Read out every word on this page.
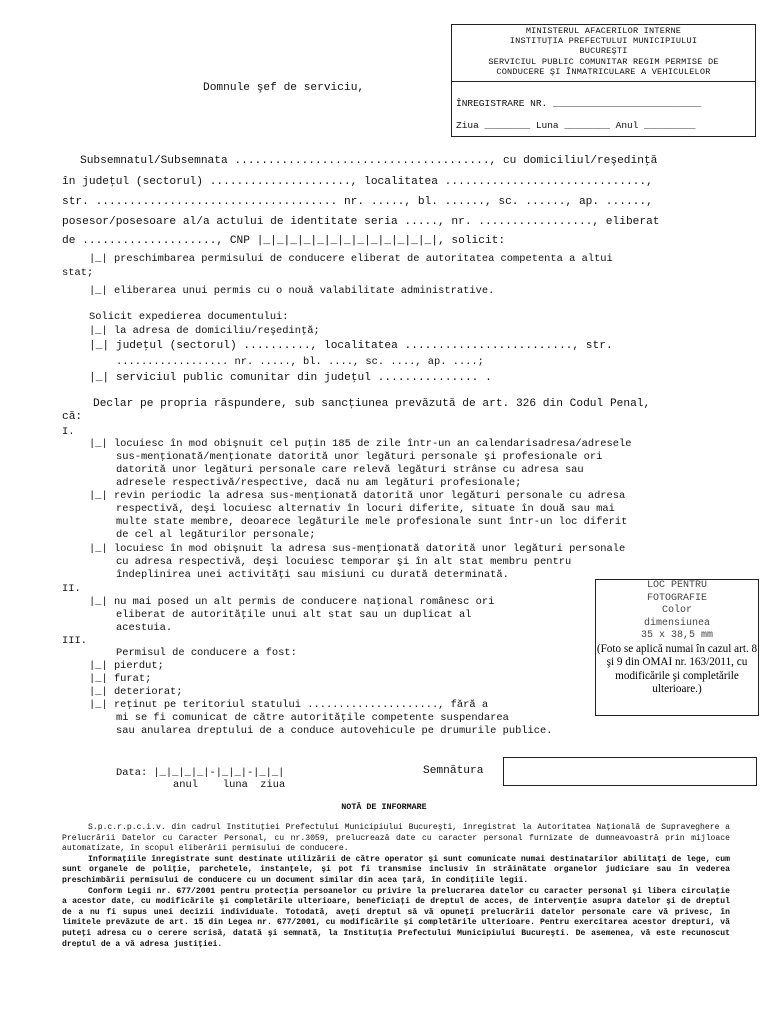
MINISTERUL AFACERILOR INTERNE
INSTITUŢIA PREFECTULUI MUNICIPIULUI
BUCUREŞTI
SERVICIUL PUBLIC COMUNITAR REGIM PERMISE DE
CONDUCERE ŞI ÎNMATRICULARE A VEHICULELOR
ÎNREGISTRARE NR. __________________________
Ziua ________ Luna ________ Anul _________
Domnule şef de serviciu,
Subsemnatul/Subsemnata ......................................, cu domiciliul/reşedinţă
în judeţul (sectorul) ....................., localitatea ..............................,
str. .................................... nr. ....., bl. ......, sc. ......, ap. ......,
posesor/posesoare al/a actului de identitate seria ....., nr. ................., eliberat
de ...................., CNP |_|_|_|_|_|_|_|_|_|_|_|_|_|, solicit:
|_| preschimbarea permisului de conducere eliberat de autoritatea competenta a altui
stat;
|_| eliberarea unui permis cu o nouă valabilitate administrative.
Solicit expedierea documentului:
|_| la adresa de domiciliu/reşedinţă;
|_| judeţul (sectorul) .........., localitatea ........................., str.
.................. nr. ....., bl. ...., sc. ...., ap. ....;
|_| serviciul public comunitar din judeţul ............... .
Declar pe propria răspundere, sub sancţiunea prevăzută de art. 326 din Codul Penal,
că:
I.
|_| locuiesc în mod obişnuit cel puţin 185 de zile într-un an calendarisadresa/adresele
sus-menţionată/menţionate datorită unor legături personale şi profesionale ori
datorită unor legături personale care relevă legături strânse cu adresa sau
adresele respectivă/respective, dacă nu am legături profesionale;
|_| revin periodic la adresa sus-menţionată datorită unor legături personale cu adresa
respectivă, deşi locuiesc alternativ în locuri diferite, situate în două sau mai
multe state membre, deoarece legăturile mele profesionale sunt într-un loc diferit
de cel al legăturilor personale;
|_| locuiesc în mod obişnuit la adresa sus-menţionată datorită unor legături personale
cu adresa respectivă, deşi locuiesc temporar şi în alt stat membru pentru
îndeplinirea unei activităţi sau misiuni cu durată determinată.
II.
|_| nu mai posed un alt permis de conducere naţional românesc ori
eliberat de autorităţile unui alt stat sau un duplicat al
acestuia.
III.
Permisul de conducere a fost:
|_| pierdut;
|_| furat;
|_| deteriorat;
|_| reţinut pe teritoriul statului ....................., fără a
mi se fi comunicat de către autorităţile competente suspendarea
sau anularea dreptului de a conduce autovehicule pe drumurile publice.
LOC PENTRU
FOTOGRAFIE
Color
dimensiunea
35 x 38,5 mm
(Foto se aplică numai în cazul art. 8 şi 9 din OMAI nr. 163/2011, cu modificările şi completările ulterioare.)
Data: |_|_|_|_|-|_|_|-|_|_|
anul    luna  ziua
Semnătura
NOTĂ DE INFORMARE

S.p.c.r.p.c.i.v. din cadrul Instituţiei Prefectului Municipiului Bucureşti, înregistrat la Autoritatea Naţională de Supraveghere a Prelucrării Datelor cu Caracter Personal, cu nr.3059, prelucrează date cu caracter personal furnizate de dumneavoastră prin mijloace automatizate, în scopul eliberării permisului de conducere.

Informaţiile înregistrate sunt destinate utilizării de către operator şi sunt comunicate numai destinatarilor abilitaţi de lege, cum sunt organele de poliţie, parchetele, instanţele, şi pot fi transmise inclusiv în străinătate organelor judiciare sau în vederea preschimbării permisului de conducere cu un document similar din acea ţară, în condiţiile legii.

Conform Legii nr. 677/2001 pentru protecţia persoanelor cu privire la prelucrarea datelor cu caracter personal şi libera circulaţie a acestor date, cu modificările şi completările ulterioare, beneficiaţi de dreptul de acces, de intervenţie asupra datelor şi de dreptul de a nu fi supus unei decizii individuale. Totodată, aveţi dreptul să vă opuneţi prelucrării datelor personale care vă privesc, în limitele prevăzute de art. 15 din Legea nr. 677/2001, cu modificările şi completările ulterioare. Pentru exercitarea acestor drepturi, vă puteţi adresa cu o cerere scrisă, datată şi semnată, la Instituţia Prefectului Municipiului Bucureşti. De asemenea, vă este recunoscut dreptul de a vă adresa justiţiei.
